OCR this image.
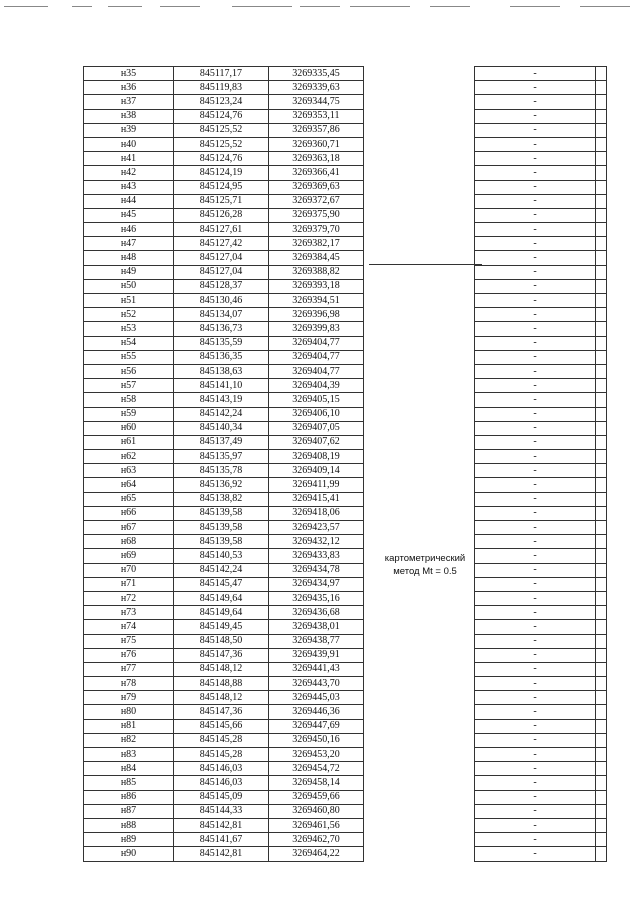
н35	845117,17	3269335,45		-	
н36	845119,83	3269339,63		-	
н37	845123,24	3269344,75		-	
н38	845124,76	3269353,11		-	
н39	845125,52	3269357,86		-	
н40	845125,52	3269360,71		-	
н41	845124,76	3269363,18		-	
н42	845124,19	3269366,41		-	
н43	845124,95	3269369,63		-	
н44	845125,71	3269372,67		-	
н45	845126,28	3269375,90		-	
н46	845127,61	3269379,70		-	
н47	845127,42	3269382,17		-	
н48	845127,04	3269384,45		-	
н49	845127,04	3269388,82		-	
н50	845128,37	3269393,18		-	
н51	845130,46	3269394,51		-	
н52	845134,07	3269396,98		-	
н53	845136,73	3269399,83		-	
н54	845135,59	3269404,77		-	
н55	845136,35	3269404,77		-	
н56	845138,63	3269404,77		-	
н57	845141,10	3269404,39		-	
н58	845143,19	3269405,15		-	
н59	845142,24	3269406,10		-	
н60	845140,34	3269407,05		-	
н61	845137,49	3269407,62		-	
н62	845135,97	3269408,19		-	
н63	845135,78	3269409,14		-	
н64	845136,92	3269411,99		-	
н65	845138,82	3269415,41		-	
н66	845139,58	3269418,06		-	
н67	845139,58	3269423,57		-	
н68	845139,58	3269432,12		-	
н69	845140,53	3269433,83		-	
н70	845142,24	3269434,78		-	
н71	845145,47	3269434,97		-	
н72	845149,64	3269435,16		-	
н73	845149,64	3269436,68		-	
н74	845149,45	3269438,01		-	
н75	845148,50	3269438,77		-	
н76	845147,36	3269439,91		-	
н77	845148,12	3269441,43		-	
н78	845148,88	3269443,70		-	
н79	845148,12	3269445,03		-	
н80	845147,36	3269446,36		-	
н81	845145,66	3269447,69		-	
н82	845145,28	3269450,16		-	
н83	845145,28	3269453,20		-	
н84	845146,03	3269454,72		-	
н85	845146,03	3269458,14		-	
н86	845145,09	3269459,66		-	
н87	845144,33	3269460,80		-	
н88	845142,81	3269461,56		-	
н89	845141,67	3269462,70		-	
н90	845142,81	3269464,22		-	
картометрический
метод Mt = 0.5
